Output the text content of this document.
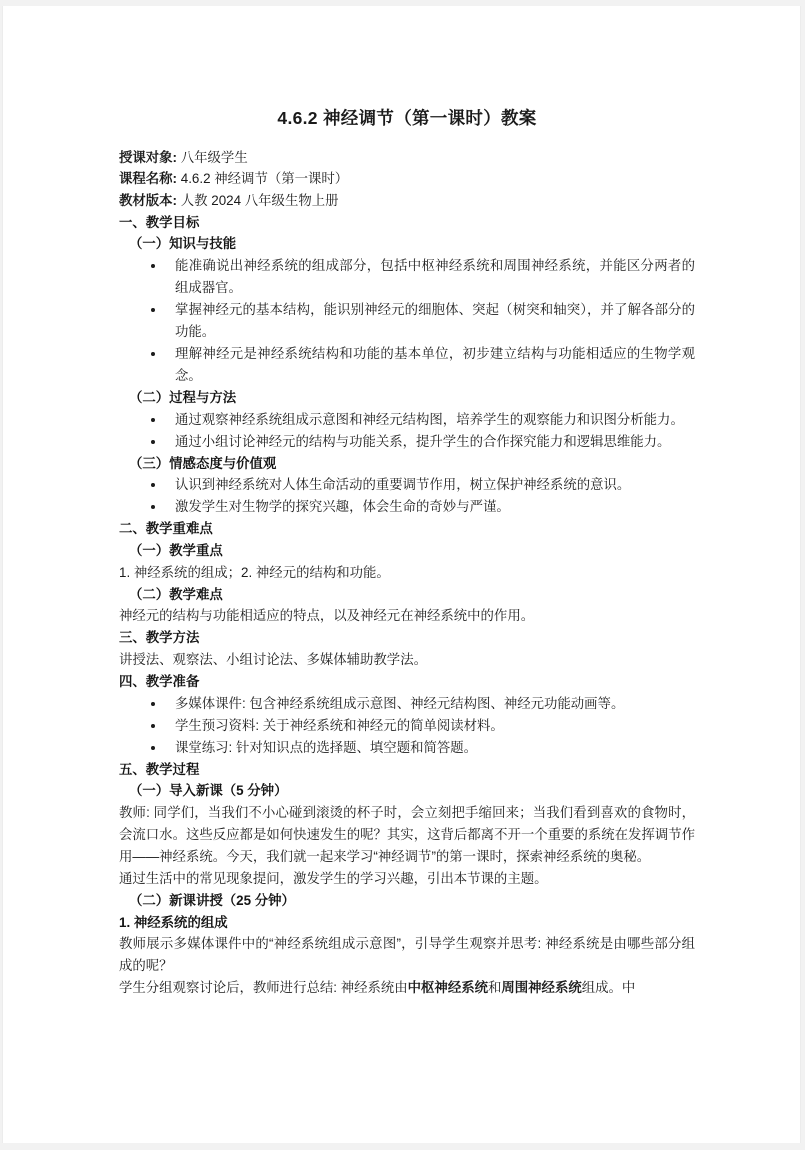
4.6.2 神经调节（第一课时）教案
授课对象: 八年级学生
课程名称: 4.6.2 神经调节（第一课时）
教材版本: 人教 2024 八年级生物上册
一、教学目标
（一）知识与技能
能准确说出神经系统的组成部分，包括中枢神经系统和周围神经系统，并能区分两者的组成器官。
掌握神经元的基本结构，能识别神经元的细胞体、突起（树突和轴突），并了解各部分的功能。
理解神经元是神经系统结构和功能的基本单位，初步建立结构与功能相适应的生物学观念。
（二）过程与方法
通过观察神经系统组成示意图和神经元结构图，培养学生的观察能力和识图分析能力。
通过小组讨论神经元的结构与功能关系，提升学生的合作探究能力和逻辑思维能力。
（三）情感态度与价值观
认识到神经系统对人体生命活动的重要调节作用，树立保护神经系统的意识。
激发学生对生物学的探究兴趣，体会生命的奇妙与严谨。
二、教学重难点
（一）教学重点
1. 神经系统的组成；2. 神经元的结构和功能。
（二）教学难点
神经元的结构与功能相适应的特点，以及神经元在神经系统中的作用。
三、教学方法
讲授法、观察法、小组讨论法、多媒体辅助教学法。
四、教学准备
多媒体课件: 包含神经系统组成示意图、神经元结构图、神经元功能动画等。
学生预习资料: 关于神经系统和神经元的简单阅读材料。
课堂练习: 针对知识点的选择题、填空题和简答题。
五、教学过程
（一）导入新课（5 分钟）
教师: 同学们，当我们不小心碰到滚烫的杯子时，会立刻把手缩回来；当我们看到喜欢的食物时，会流口水。这些反应都是如何快速发生的呢？其实，这背后都离不开一个重要的系统在发挥调节作用——神经系统。今天，我们就一起来学习“神经调节”的第一课时，探索神经系统的奥秘。
通过生活中的常见现象提问，激发学生的学习兴趣，引出本节课的主题。
（二）新课讲授（25 分钟）
1. 神经系统的组成
教师展示多媒体课件中的“神经系统组成示意图”，引导学生观察并思考: 神经系统是由哪些部分组成的呢？
学生分组观察讨论后，教师进行总结: 神经系统由中枢神经系统和周围神经系统组成。中
